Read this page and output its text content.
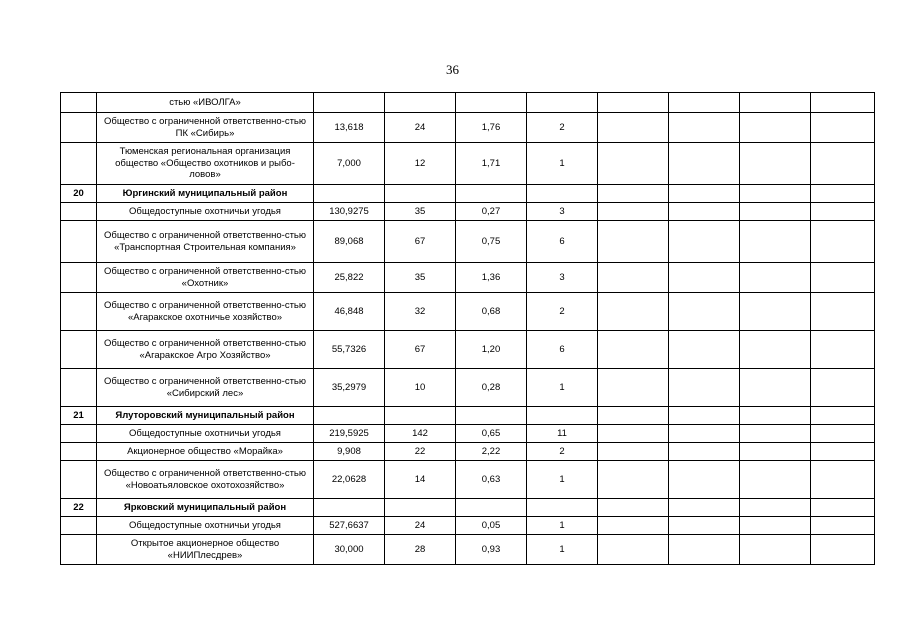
36
	стью «ИВОЛГА»								
	Общество с ограниченной ответственно-стью ПК «Сибирь»	13,618	24	1,76	2				
	Тюменская региональная организация общество «Общество охотников и рыбо-ловов»	7,000	12	1,71	1				
20	Юргинский муниципальный район								
	Общедоступные охотничьи угодья	130,9275	35	0,27	3				
	Общество с ограниченной ответственно-стью «Транспортная Строительная компания»	89,068	67	0,75	6				
	Общество с ограниченной ответственно-стью «Охотник»	25,822	35	1,36	3				
	Общество с ограниченной ответственно-стью «Агаракское охотничье хозяйство»	46,848	32	0,68	2				
	Общество с ограниченной ответственно-стью «Агаракское Агро Хозяйство»	55,7326	67	1,20	6				
	Общество с ограниченной ответственно-стью «Сибирский лес»	35,2979	10	0,28	1				
21	Ялуторовский муниципальный район								
	Общедоступные охотничьи угодья	219,5925	142	0,65	11				
	Акционерное общество «Морайка»	9,908	22	2,22	2				
	Общество с ограниченной ответственно-стью «Новоатьяловское охотохозяйство»	22,0628	14	0,63	1				
22	Ярковский муниципальный район								
	Общедоступные охотничьи угодья	527,6637	24	0,05	1				
	Открытое акционерное общество «НИИПлесдрев»	30,000	28	0,93	1				
